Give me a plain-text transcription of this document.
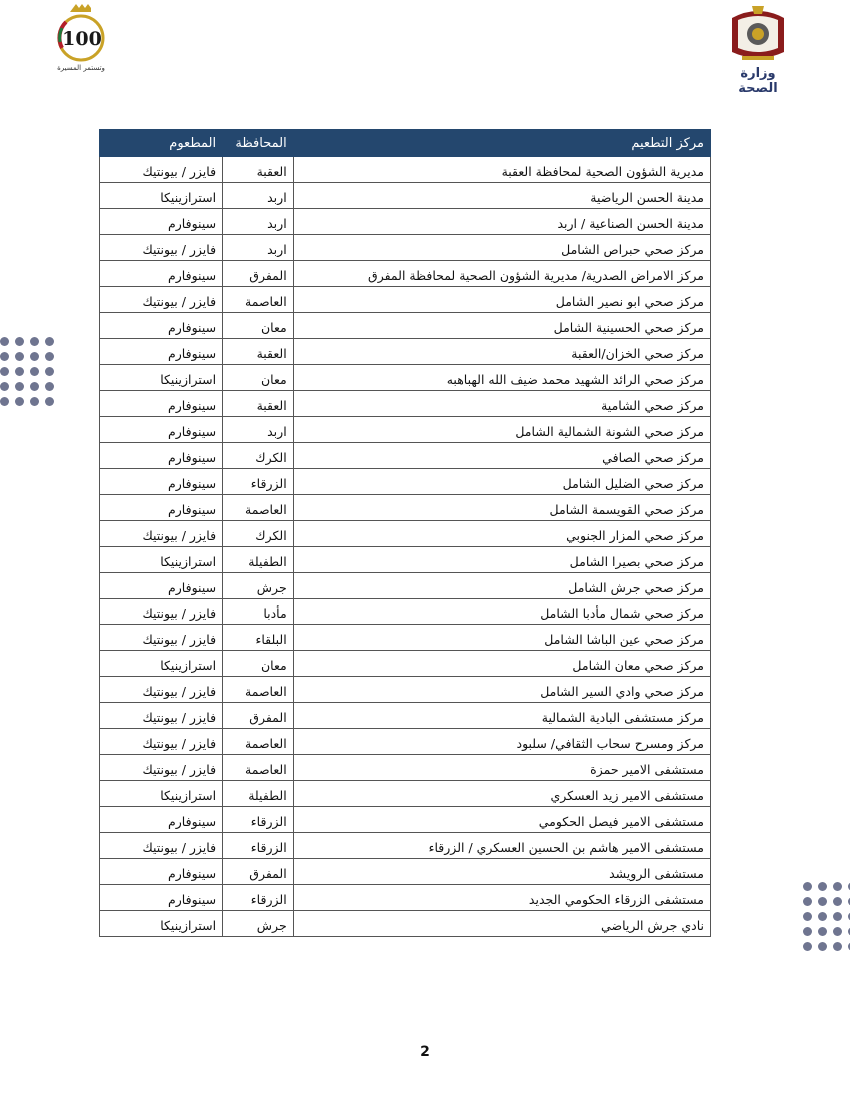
100
وتستمر المسيرة	وزارة الصحة
مركز التطعيم	المحافظة	المطعوم
مديرية الشؤون الصحية لمحافظة العقبة	العقبة	فايزر / بيونتيك
مدينة الحسن الرياضية	اربد	استرازينيكا
مدينة الحسن الصناعية / اربد	اربد	سينوفارم
مركز صحي حبراص الشامل	اربد	فايزر / بيونتيك
مركز الامراض الصدرية/ مديرية الشؤون الصحية لمحافظة المفرق	المفرق	سينوفارم
مركز صحي ابو نصير الشامل	العاصمة	فايزر / بيونتيك
مركز صحي الحسينية الشامل	معان	سينوفارم
مركز صحي الخزان/العقبة	العقبة	سينوفارم
مركز صحي الرائد الشهيد محمد ضيف الله الهباهبه	معان	استرازينيكا
مركز صحي الشامية	العقبة	سينوفارم
مركز صحي الشونة الشمالية الشامل	اربد	سينوفارم
مركز صحي الصافي	الكرك	سينوفارم
مركز صحي الضليل الشامل	الزرقاء	سينوفارم
مركز صحي القويسمة الشامل	العاصمة	سينوفارم
مركز صحي المزار الجنوبي	الكرك	فايزر / بيونتيك
مركز صحي بصيرا الشامل	الطفيلة	استرازينيكا
مركز صحي جرش الشامل	جرش	سينوفارم
مركز صحي شمال مأدبا الشامل	مأدبا	فايزر / بيونتيك
مركز صحي عين الباشا الشامل	البلقاء	فايزر / بيونتيك
مركز صحي معان الشامل	معان	استرازينيكا
مركز صحي وادي السير الشامل	العاصمة	فايزر / بيونتيك
مركز مستشفى البادية الشمالية	المفرق	فايزر / بيونتيك
مركز ومسرح سحاب الثقافي/ سلبود	العاصمة	فايزر / بيونتيك
مستشفى الامير حمزة	العاصمة	فايزر / بيونتيك
مستشفى الامير زيد العسكري	الطفيلة	استرازينيكا
مستشفى الامير فيصل الحكومي	الزرقاء	سينوفارم
مستشفى الامير هاشم بن الحسين العسكري / الزرقاء	الزرقاء	فايزر / بيونتيك
مستشفى الرويشد	المفرق	سينوفارم
مستشفى الزرقاء الحكومي الجديد	الزرقاء	سينوفارم
نادي جرش الرياضي	جرش	استرازينيكا
2
